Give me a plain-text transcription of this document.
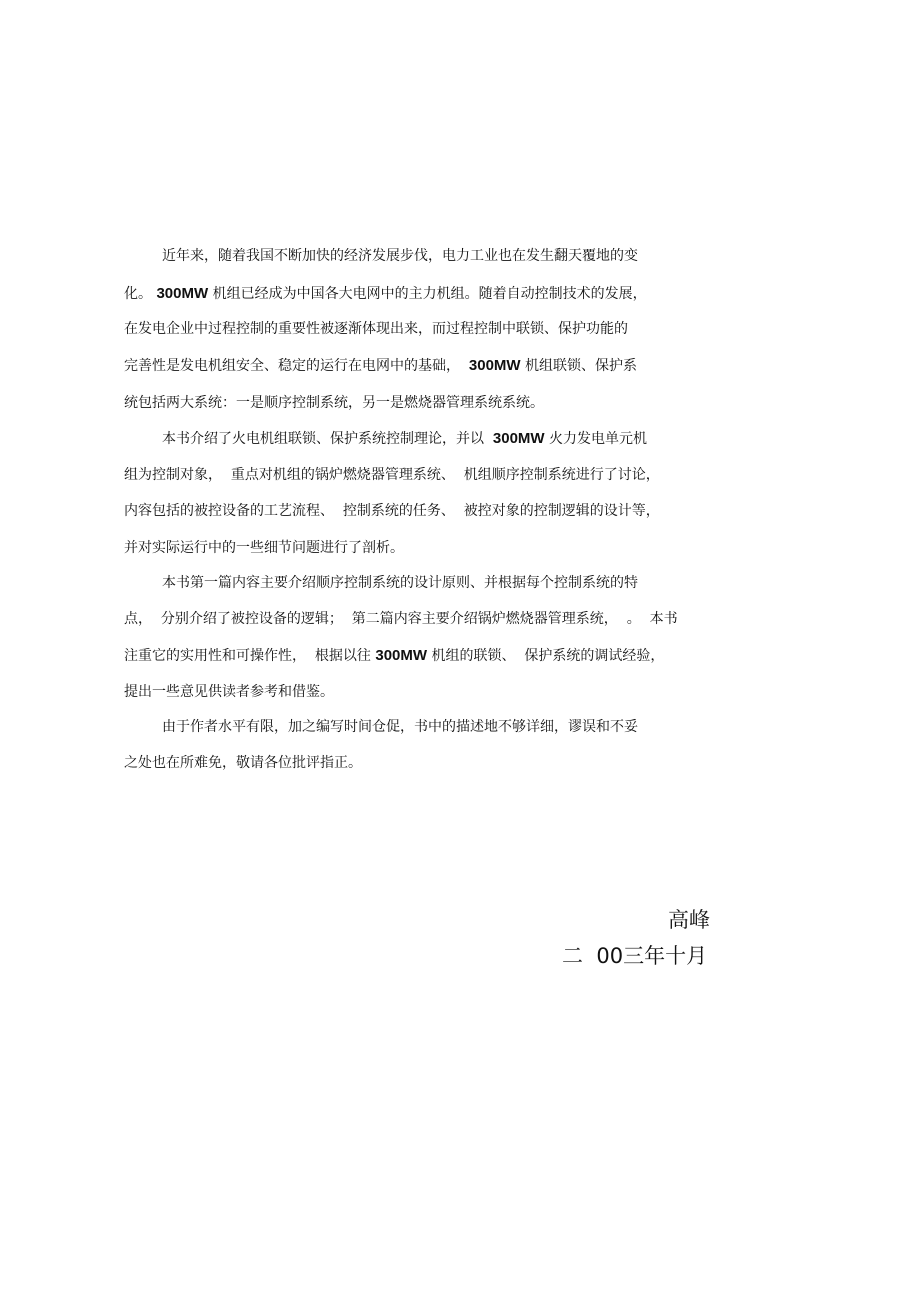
近年来，随着我国不断加快的经济发展步伐，电力工业也在发生翻天覆地的变
化。 300MW 机组已经成为中国各大电网中的主力机组。随着自动控制技术的发展，
在发电企业中过程控制的重要性被逐渐体现出来，而过程控制中联锁、保护功能的
完善性是发电机组安全、稳定的运行在电网中的基础， 300MW 机组联锁、保护系
统包括两大系统：一是顺序控制系统，另一是燃烧器管理系统系统。
本书介绍了火电机组联锁、保护系统控制理论，并以 300MW 火力发电单元机
组为控制对象，  重点对机组的锅炉燃烧器管理系统、  机组顺序控制系统进行了讨论，
内容包括的被控设备的工艺流程、  控制系统的任务、  被控对象的控制逻辑的设计等，
并对实际运行中的一些细节问题进行了剖析。
本书第一篇内容主要介绍顺序控制系统的设计原则、并根据每个控制系统的特
点，  分别介绍了被控设备的逻辑；  第二篇内容主要介绍锅炉燃烧器管理系统，  。  本书
注重它的实用性和可操作性，  根据以往 300MW 机组的联锁、  保护系统的调试经验，
提出一些意见供读者参考和借鉴。
由于作者水平有限，加之编写时间仓促，书中的描述地不够详细，谬误和不妥
之处也在所难免，敬请各位批评指正。
高峰
二  00三年十月
